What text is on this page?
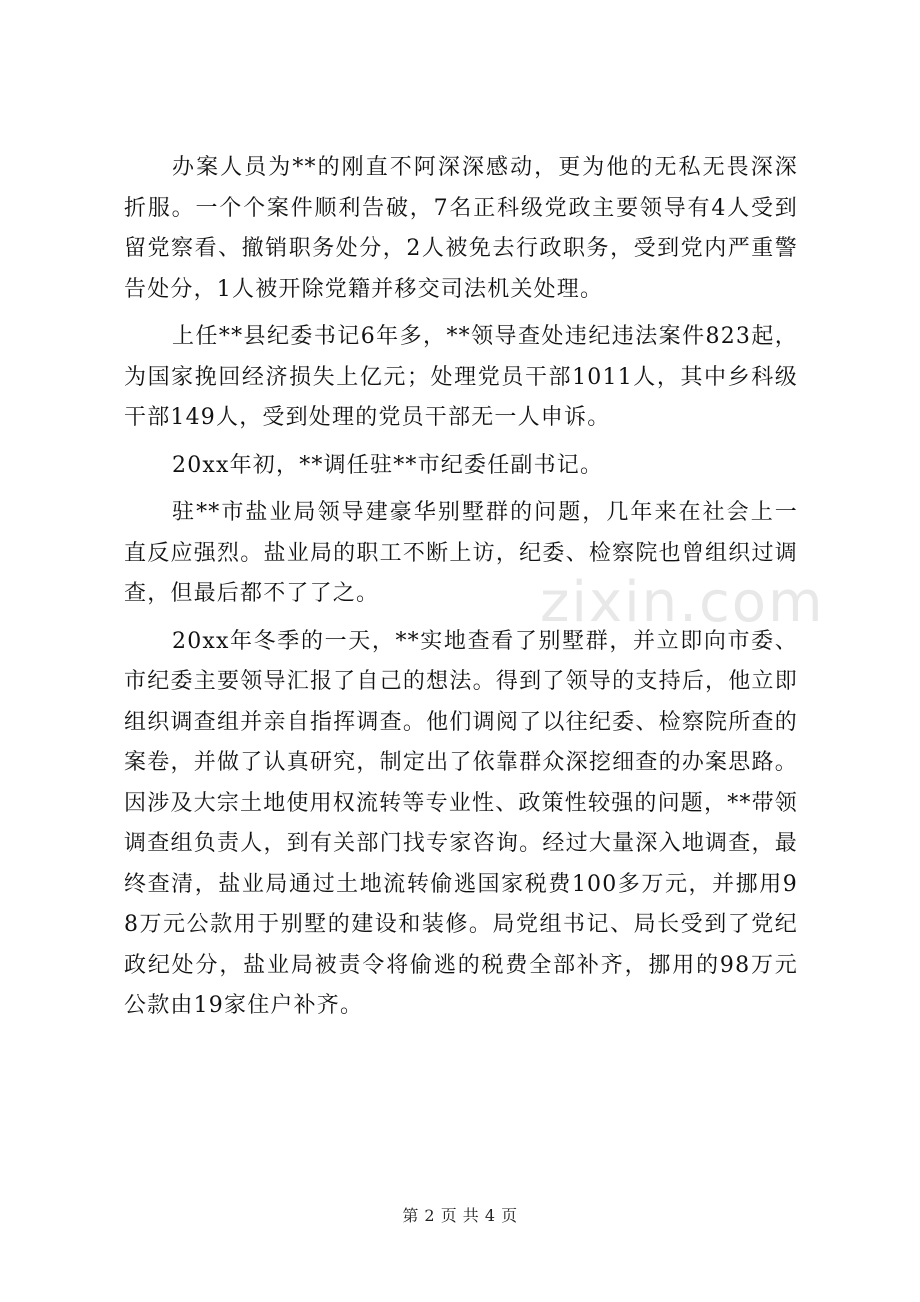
办案人员为**的刚直不阿深深感动，更为他的无私无畏深深折服。一个个案件顺利告破，7名正科级党政主要领导有4人受到留党察看、撤销职务处分，2人被免去行政职务，受到党内严重警告处分，1人被开除党籍并移交司法机关处理。

上任**县纪委书记6年多，**领导查处违纪违法案件823起，为国家挽回经济损失上亿元；处理党员干部1011人，其中乡科级干部149人，受到处理的党员干部无一人申诉。

20xx年初，**调任驻**市纪委任副书记。

驻**市盐业局领导建豪华别墅群的问题，几年来在社会上一直反应强烈。盐业局的职工不断上访，纪委、检察院也曾组织过调查，但最后都不了了之。

20xx年冬季的一天，**实地查看了别墅群，并立即向市委、市纪委主要领导汇报了自己的想法。得到了领导的支持后，他立即组织调查组并亲自指挥调查。他们调阅了以往纪委、检察院所查的案卷，并做了认真研究，制定出了依靠群众深挖细查的办案思路。因涉及大宗土地使用权流转等专业性、政策性较强的问题，**带领调查组负责人，到有关部门找专家咨询。经过大量深入地调查，最终查清，盐业局通过土地流转偷逃国家税费100多万元，并挪用98万元公款用于别墅的建设和装修。局党组书记、局长受到了党纪政纪处分，盐业局被责令将偷逃的税费全部补齐，挪用的98万元公款由19家住户补齐。

zixin.com
第 2 页 共 4 页
